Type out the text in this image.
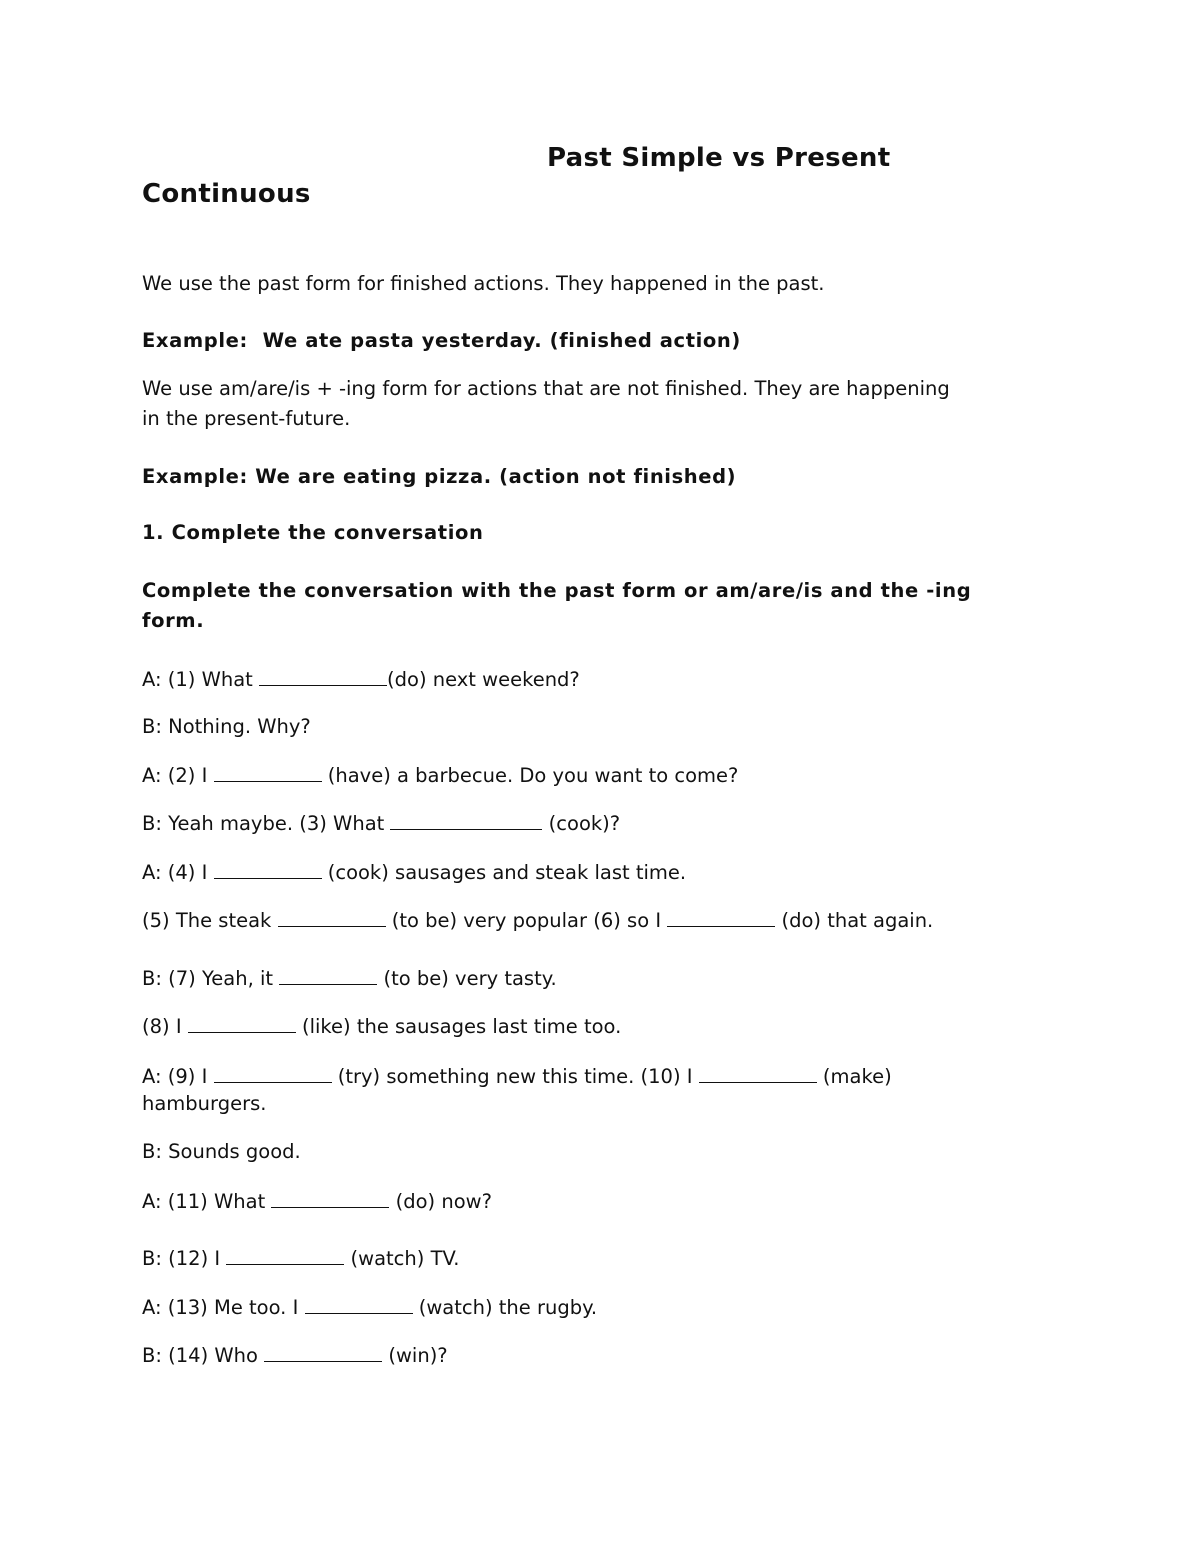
Past Simple vs Present
Continuous
We use the past form for finished actions. They happened in the past.
Example:  We ate pasta yesterday. (finished action)
We use am/are/is + -ing form for actions that are not finished. They are happening
in the present-future.
Example: We are eating pizza. (action not finished)
1. Complete the conversation
Complete the conversation with the past form or am/are/is and the -ing
form.
A: (1) What	(do) next weekend?
B: Nothing. Why?
A: (2) I	(have) a barbecue. Do you want to come?
B: Yeah maybe. (3) What	(cook)?
A: (4) I	(cook) sausages and steak last time.
(5) The steak	(to be) very popular (6) so I	(do) that again.
B: (7) Yeah, it	(to be) very tasty.
(8) I	(like) the sausages last time too.
A: (9) I	(try) something new this time. (10) I	(make)
hamburgers.
B: Sounds good.
A: (11) What	(do) now?
B: (12) I	(watch) TV.
A: (13) Me too. I	(watch) the rugby.
B: (14) Who	(win)?
